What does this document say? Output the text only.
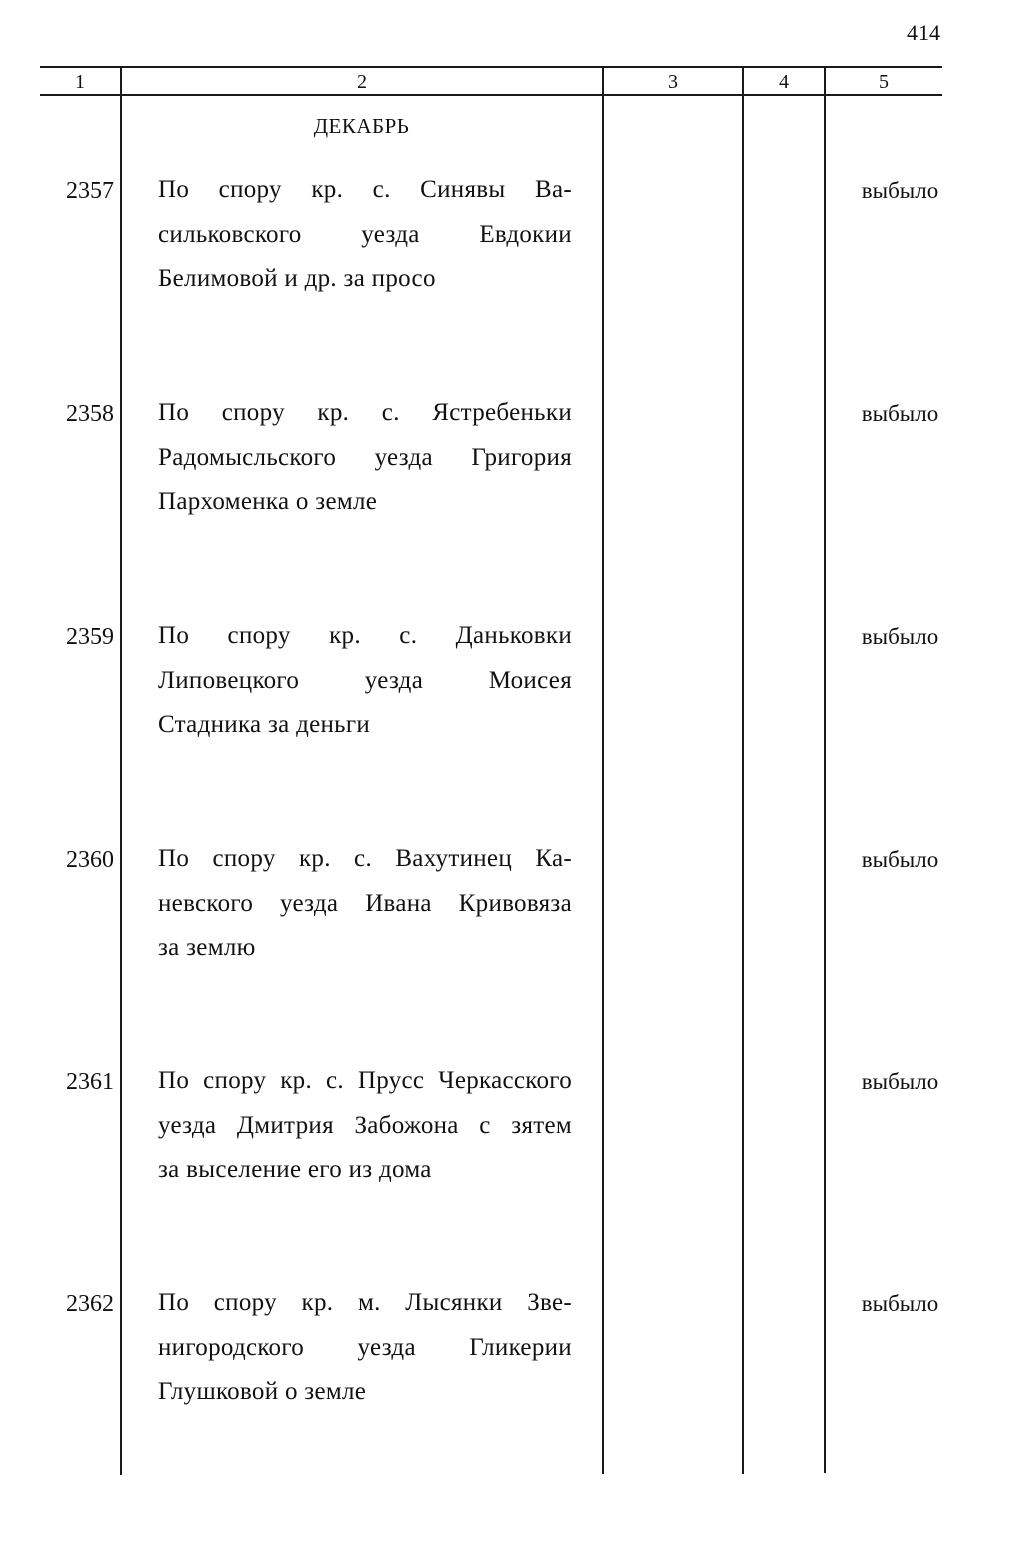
414
1	2	3	4	5
ДЕКАБРЬ
2357 По спору кр. с. Синявы Ва-
сильковского уезда Евдокии
Белимовой и др. за просо
выбыло
2358 По спору кр. с. Ястребеньки
Радомысльского уезда Григория
Пархоменка о земле
выбыло
2359 По спору кр. с. Даньковки
Липовецкого уезда Моисея
Стадника за деньги
выбыло
2360 По спору кр. с. Вахутинец Ка-
невского уезда Ивана Кривовяза
за землю
выбыло
2361 По спору кр. с. Прусс Черкасского
уезда Дмитрия Забожона с зятем
за выселение его из дома
выбыло
2362 По спору кр. м. Лысянки Зве-
нигородского уезда Гликерии
Глушковой о земле
выбыло
